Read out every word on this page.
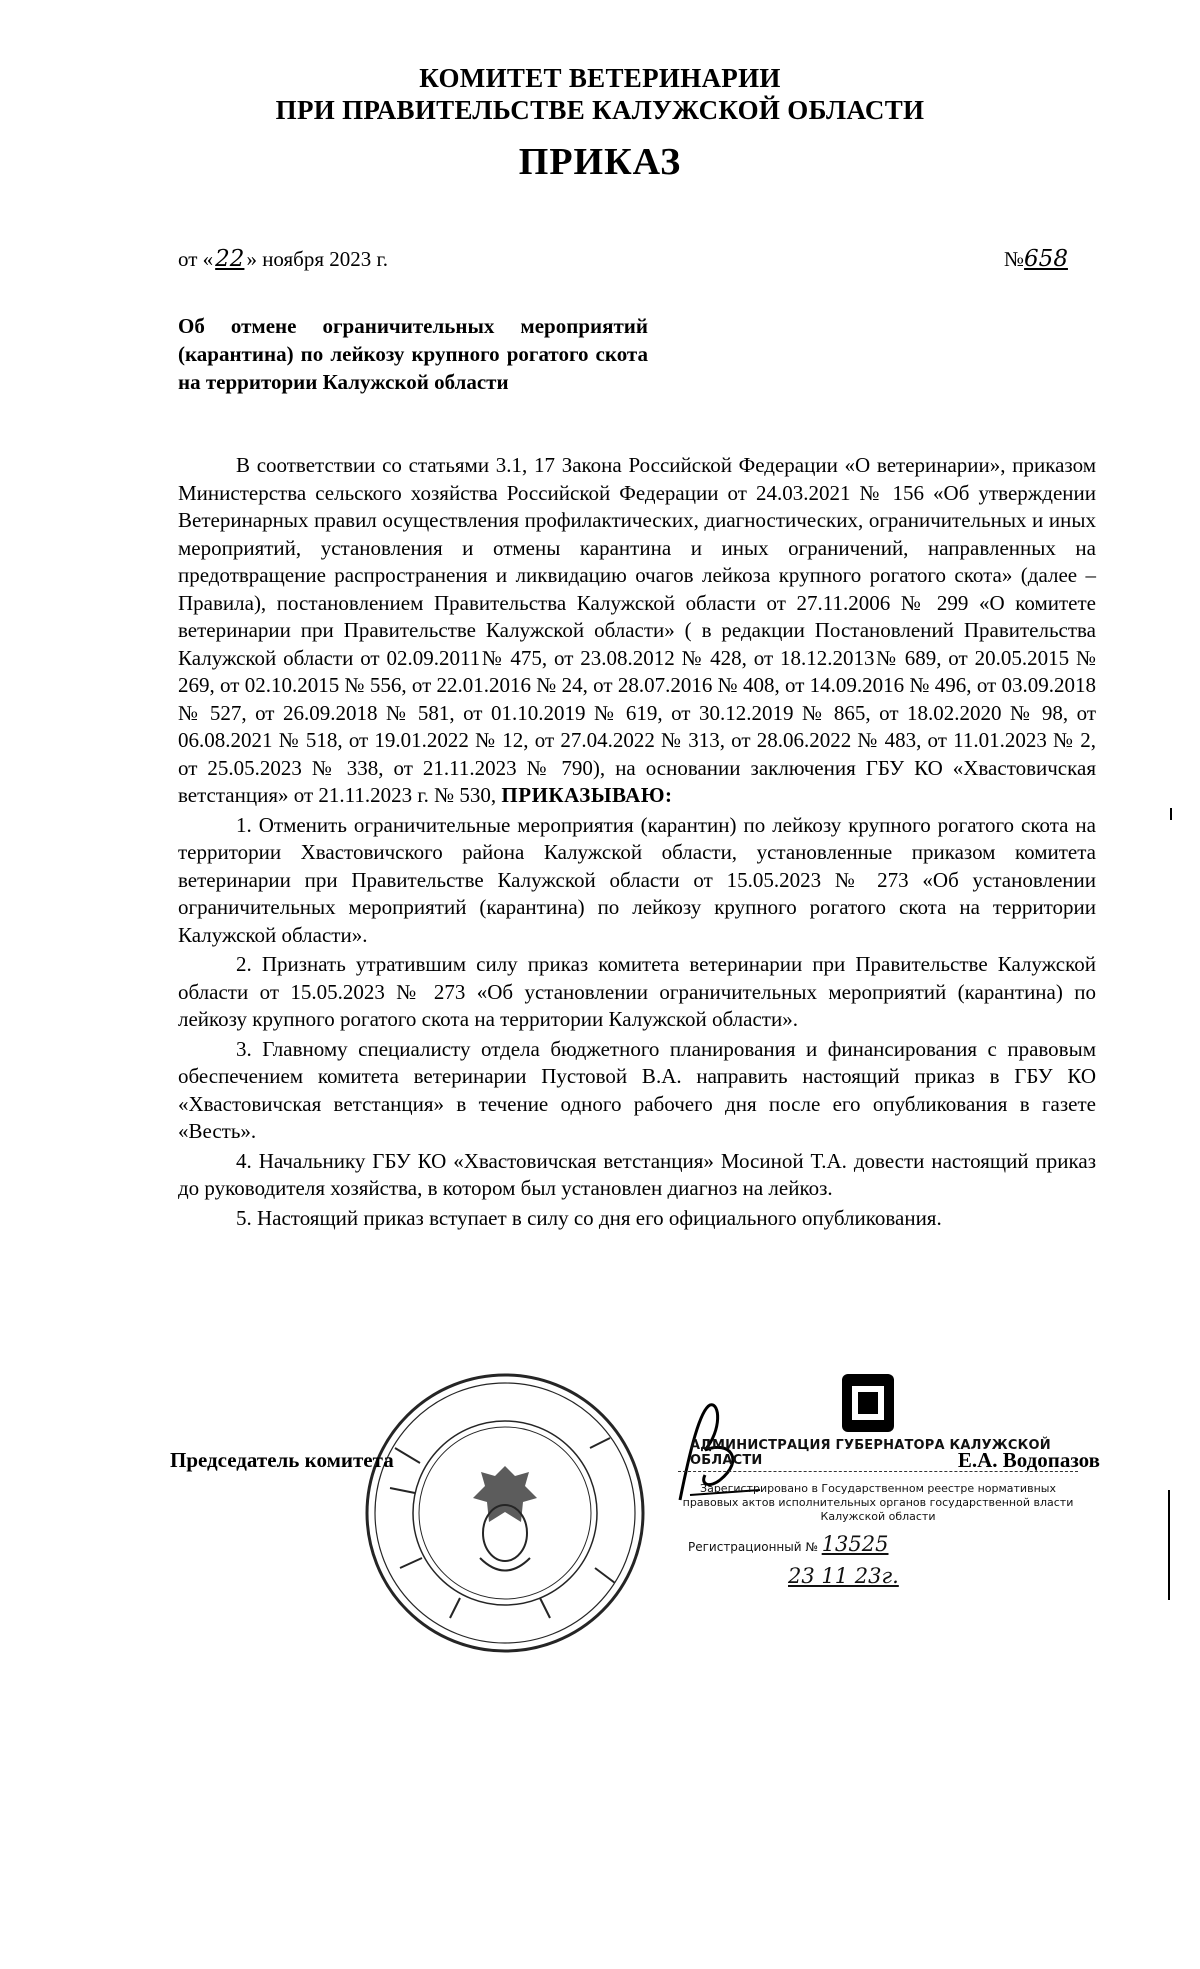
КОМИТЕТ ВЕТЕРИНАРИИ
ПРИ ПРАВИТЕЛЬСТВЕ КАЛУЖСКОЙ ОБЛАСТИ
ПРИКАЗ
от «22» ноября 2023 г.	№658
Об отмене ограничительных мероприятий (карантина) по лейкозу крупного рогатого скота на территории Калужской области

В соответствии со статьями 3.1, 17 Закона Российской Федерации «О ветеринарии», приказом Министерства сельского хозяйства Российской Федерации от 24.03.2021 № 156 «Об утверждении Ветеринарных правил осуществления профилактических, диагностических, ограничительных и иных мероприятий, установления и отмены карантина и иных ограничений, направленных на предотвращение распространения и ликвидацию очагов лейкоза крупного рогатого скота» (далее – Правила), постановлением Правительства Калужской области от 27.11.2006 № 299 «О комитете ветеринарии при Правительстве Калужской области» ( в редакции Постановлений Правительства Калужской области от 02.09.2011№ 475, от 23.08.2012 № 428, от 18.12.2013№ 689, от 20.05.2015 № 269, от 02.10.2015 № 556, от 22.01.2016 № 24, от 28.07.2016 № 408, от 14.09.2016 № 496, от 03.09.2018 № 527, от 26.09.2018 № 581, от 01.10.2019 № 619, от 30.12.2019 № 865, от 18.02.2020 № 98, от 06.08.2021 № 518, от 19.01.2022 № 12, от 27.04.2022 № 313, от 28.06.2022 № 483, от 11.01.2023 № 2, от 25.05.2023 № 338, от 21.11.2023 № 790), на основании заключения ГБУ КО «Хвастовичская ветстанция» от 21.11.2023 г. № 530, ПРИКАЗЫВАЮ:

1. Отменить ограничительные мероприятия (карантин) по лейкозу крупного рогатого скота на территории Хвастовичского района Калужской области, установленные приказом комитета ветеринарии при Правительстве Калужской области от 15.05.2023 № 273 «Об установлении ограничительных мероприятий (карантина) по лейкозу крупного рогатого скота на территории Калужской области».

2. Признать утратившим силу приказ комитета ветеринарии при Правительстве Калужской области от 15.05.2023 № 273 «Об установлении ограничительных мероприятий (карантина) по лейкозу крупного рогатого скота на территории Калужской области».

3. Главному специалисту отдела бюджетного планирования и финансирования с правовым обеспечением комитета ветеринарии Пустовой В.А. направить настоящий приказ в ГБУ КО «Хвастовичская ветстанция» в течение одного рабочего дня после его опубликования в газете «Весть».

4. Начальнику ГБУ КО «Хвастовичская ветстанция» Мосиной Т.А. довести настоящий приказ до руководителя хозяйства, в котором был установлен диагноз на лейкоз.

5. Настоящий приказ вступает в силу со дня его официального опубликования.

Председатель комитета	Е.А. Водопазов
АДМИНИСТРАЦИЯ ГУБЕРНАТОРА КАЛУЖСКОЙ ОБЛАСТИ
Зарегистрировано в Государственном реестре нормативных правовых актов исполнительных органов государственной власти Калужской области
Регистрационный № 13525
23 11 23г.
